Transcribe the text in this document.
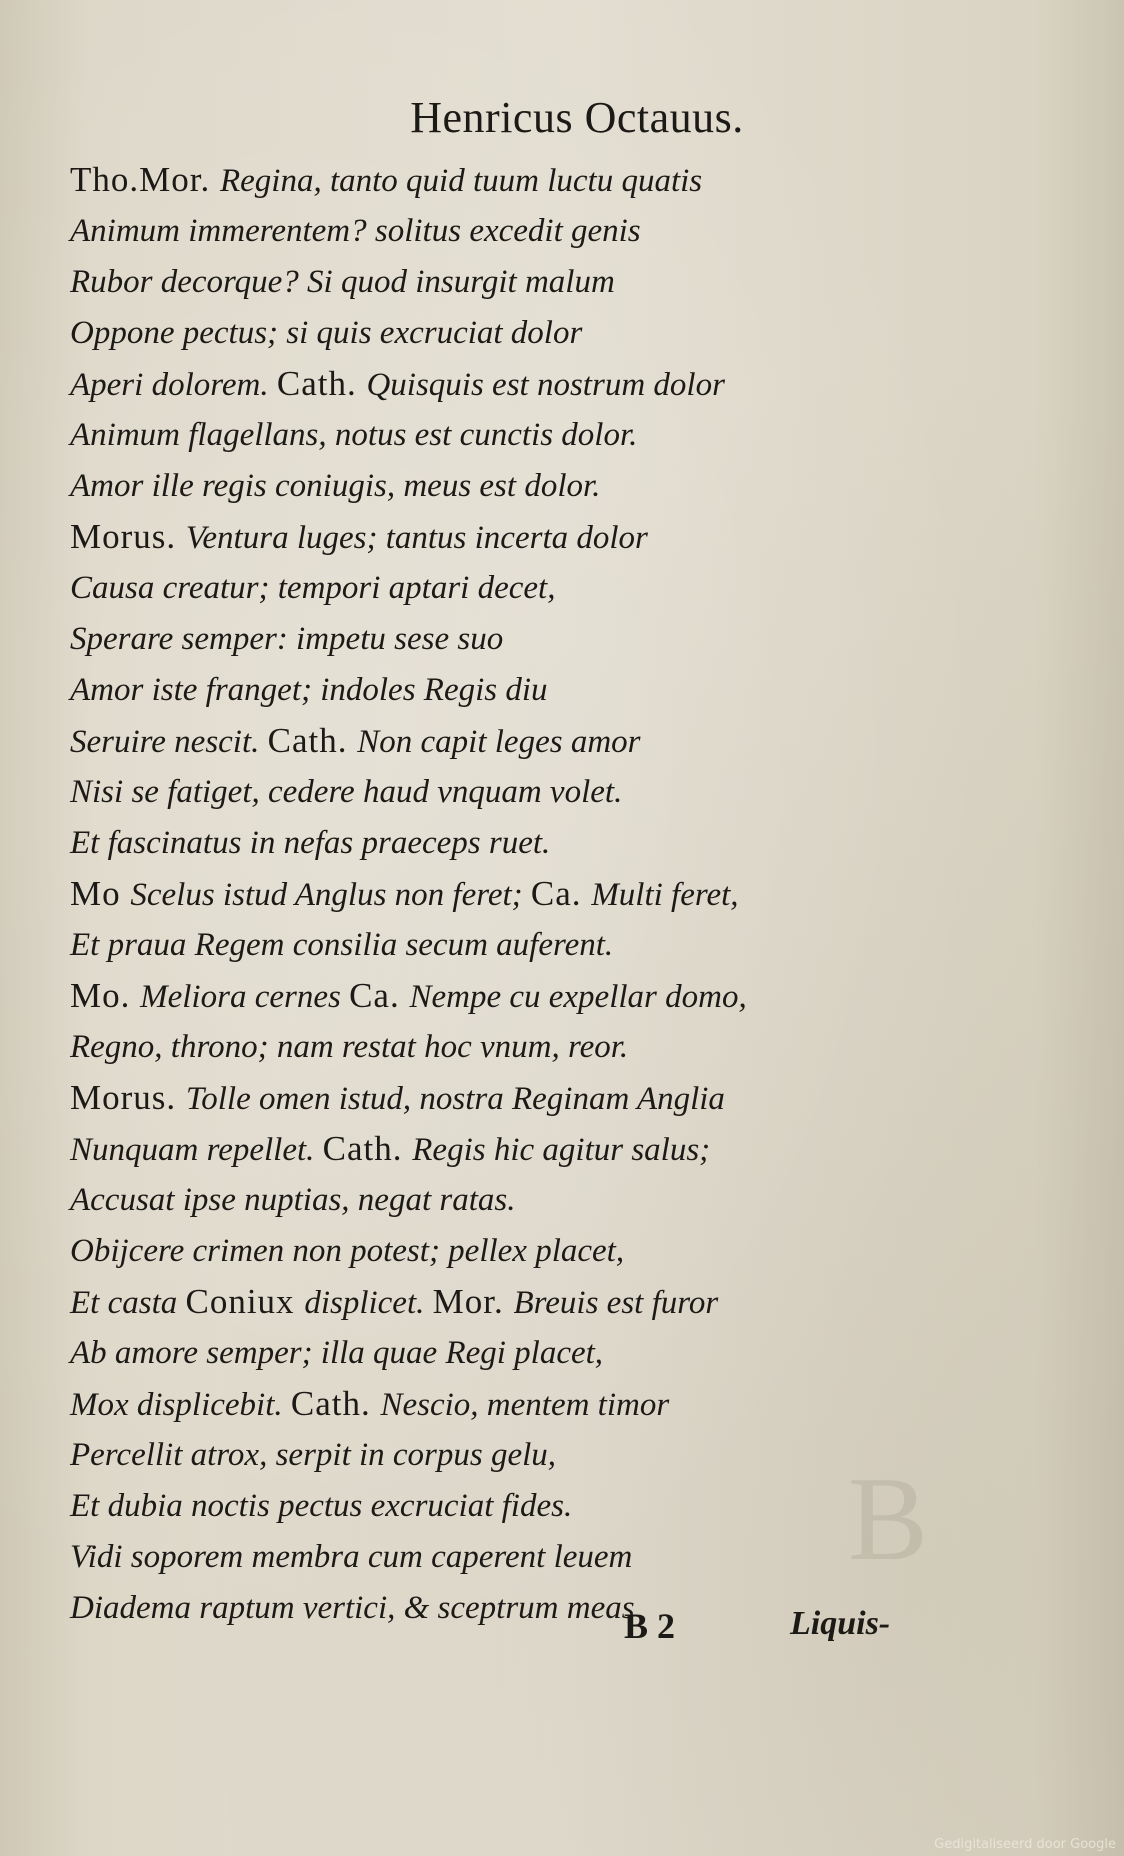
B
Henricus Octauus.
Tho.Mor. Regina, tanto quid tuum luctu quatis
Animum immerentem? solitus excedit genis
Rubor decorque? Si quod insurgit malum
Oppone pectus; si quis excruciat dolor
Aperi dolorem. Cath. Quisquis est nostrum dolor
Animum flagellans, notus est cunctis dolor.
Amor ille regis coniugis, meus est dolor.
Morus. Ventura luges; tantus incerta dolor
Causa creatur; tempori aptari decet,
Sperare semper: impetu sese suo
Amor iste franget; indoles Regis diu
Seruire nescit. Cath. Non capit leges amor
Nisi se fatiget, cedere haud vnquam volet.
Et fascinatus in nefas praeceps ruet.
Mo Scelus istud Anglus non feret; Ca. Multi feret,
Et praua Regem consilia secum auferent.
Mo. Meliora cernes Ca. Nempe cu expellar domo,
Regno, throno; nam restat hoc vnum, reor.
Morus. Tolle omen istud, nostra Reginam Anglia
Nunquam repellet. Cath. Regis hic agitur salus;
Accusat ipse nuptias, negat ratas.
Obijcere crimen non potest; pellex placet,
Et casta Coniux displicet. Mor. Breuis est furor
Ab amore semper; illa quae Regi placet,
Mox displicebit. Cath. Nescio, mentem timor
Percellit atrox, serpit in corpus gelu,
Et dubia noctis pectus excruciat fides.
Vidi soporem membra cum caperent leuem
Diadema raptum vertici, & sceptrum meas
B 2	Liquis-
Gedigitaliseerd door Google
